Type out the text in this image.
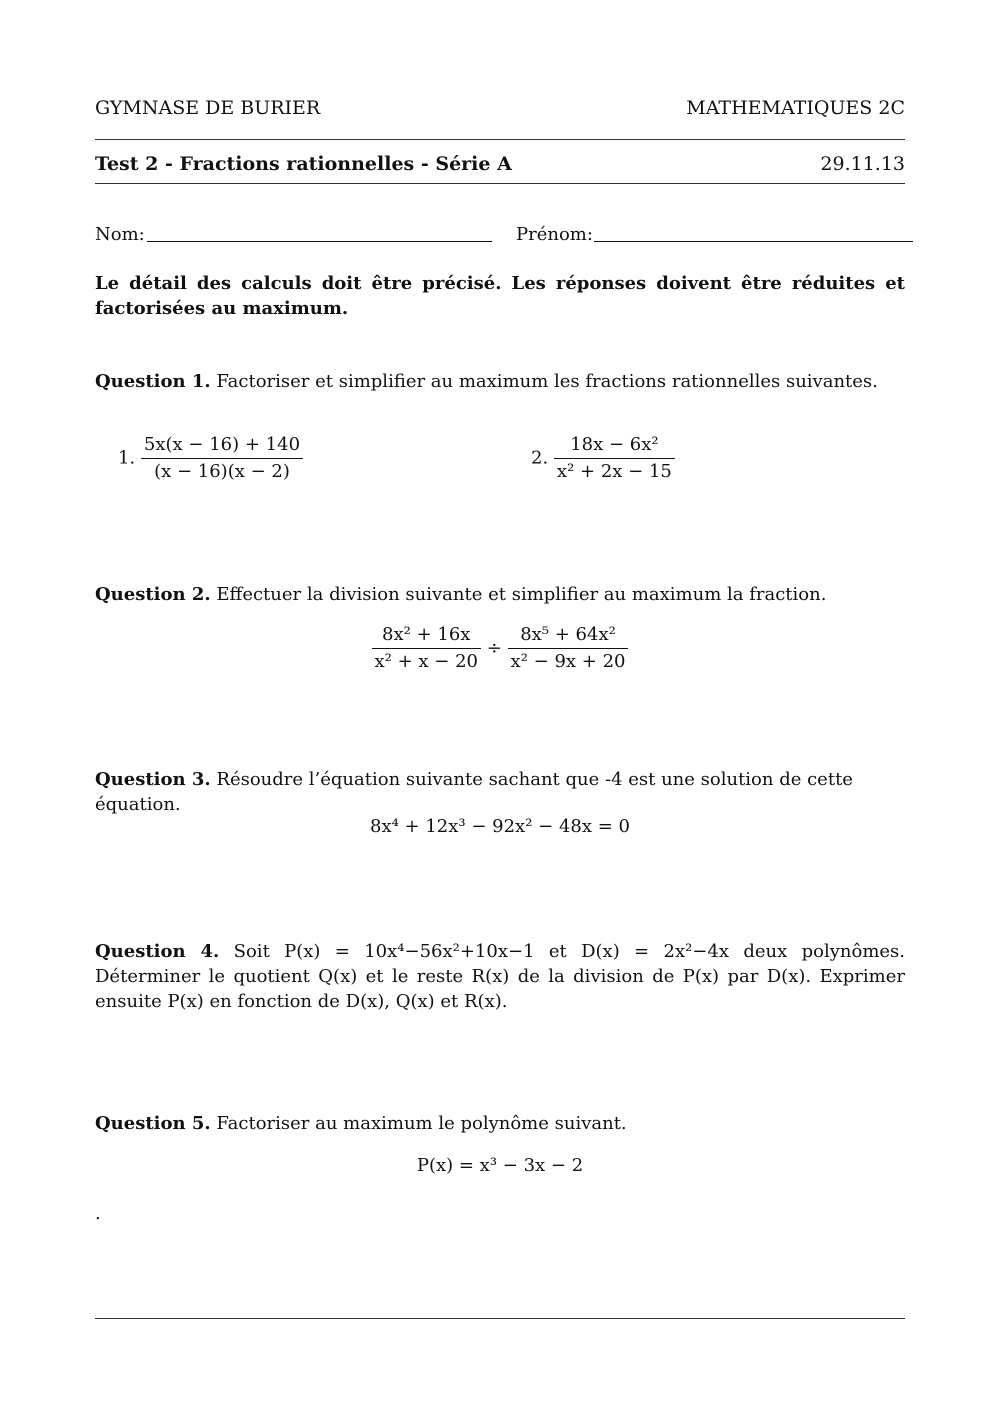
GYMNASE DE BURIER	MATHEMATIQUES 2C
Test 2 - Fractions rationnelles - Série A	29.11.13
Nom:	Prénom:
Le détail des calculs doit être précisé. Les réponses doivent être réduites et factorisées au maximum.
Question 1. Factoriser et simplifier au maximum les fractions rationnelles suivantes.
1. $\frac{5x(x - 16) + 140}{(x - 16)(x - 2)}$	2. $\frac{\text{18x − 6x²}}{\text{x² + 2x − 15}}$
Question 2. Effectuer la division suivante et simplifier au maximum la fraction.
$\frac{\text{8x² + 16x}}{\text{x² + x − 20}} \div \frac{\text{8x⁵ + 64x²}}{\text{x² − 9x + 20}}$
Question 3. Résoudre l’équation suivante sachant que -4 est une solution de cette équation.
8x⁴ + 12x³ − 92x² − 48x = 0
Question 4. Soit P(x) = 10x⁴−56x²+10x−1 et D(x) = 2x²−4x deux polynômes. Déterminer le quotient Q(x) et le reste R(x) de la division de P(x) par D(x). Exprimer ensuite P(x) en fonction de D(x), Q(x) et R(x).
Question 5. Factoriser au maximum le polynôme suivant.
P(x) = x³ − 3x − 2
.
